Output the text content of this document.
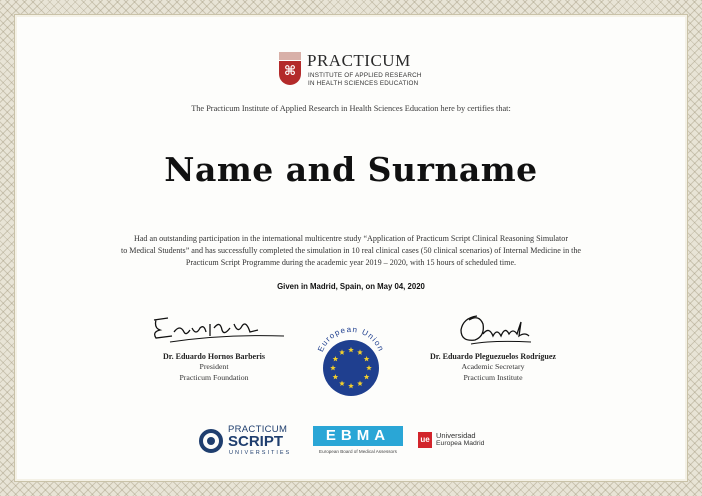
⌘
PRACTICUM
INSTITUTE OF APPLIED RESEARCH
IN HEALTH SCIENCES EDUCATION
The Practicum Institute of Applied Research in Health Sciences Education here by certifies that:
Name and Surname
Had an outstanding participation in the international multicentre study “Application of Practicum Script Clinical Reasoning Simulator
to Medical Students” and has successfully completed the simulation in 10 real clinical cases (50 clinical scenarios) of Internal Medicine in the
Practicum Script Programme during the academic year 2019 – 2020, with 15 hours of scheduled time.
Given in Madrid, Spain, on May 04, 2020
Dr. Eduardo Hornos Barberis
President
Practicum Foundation
Dr. Eduardo Pleguezuelos Rodríguez
Academic Secretary
Practicum Institute
European Union
PRACTICUM
SCRIPT
UNIVERSITIES
EBMA
European Board of Medical Assessors
ue Universidad
Europea Madrid
